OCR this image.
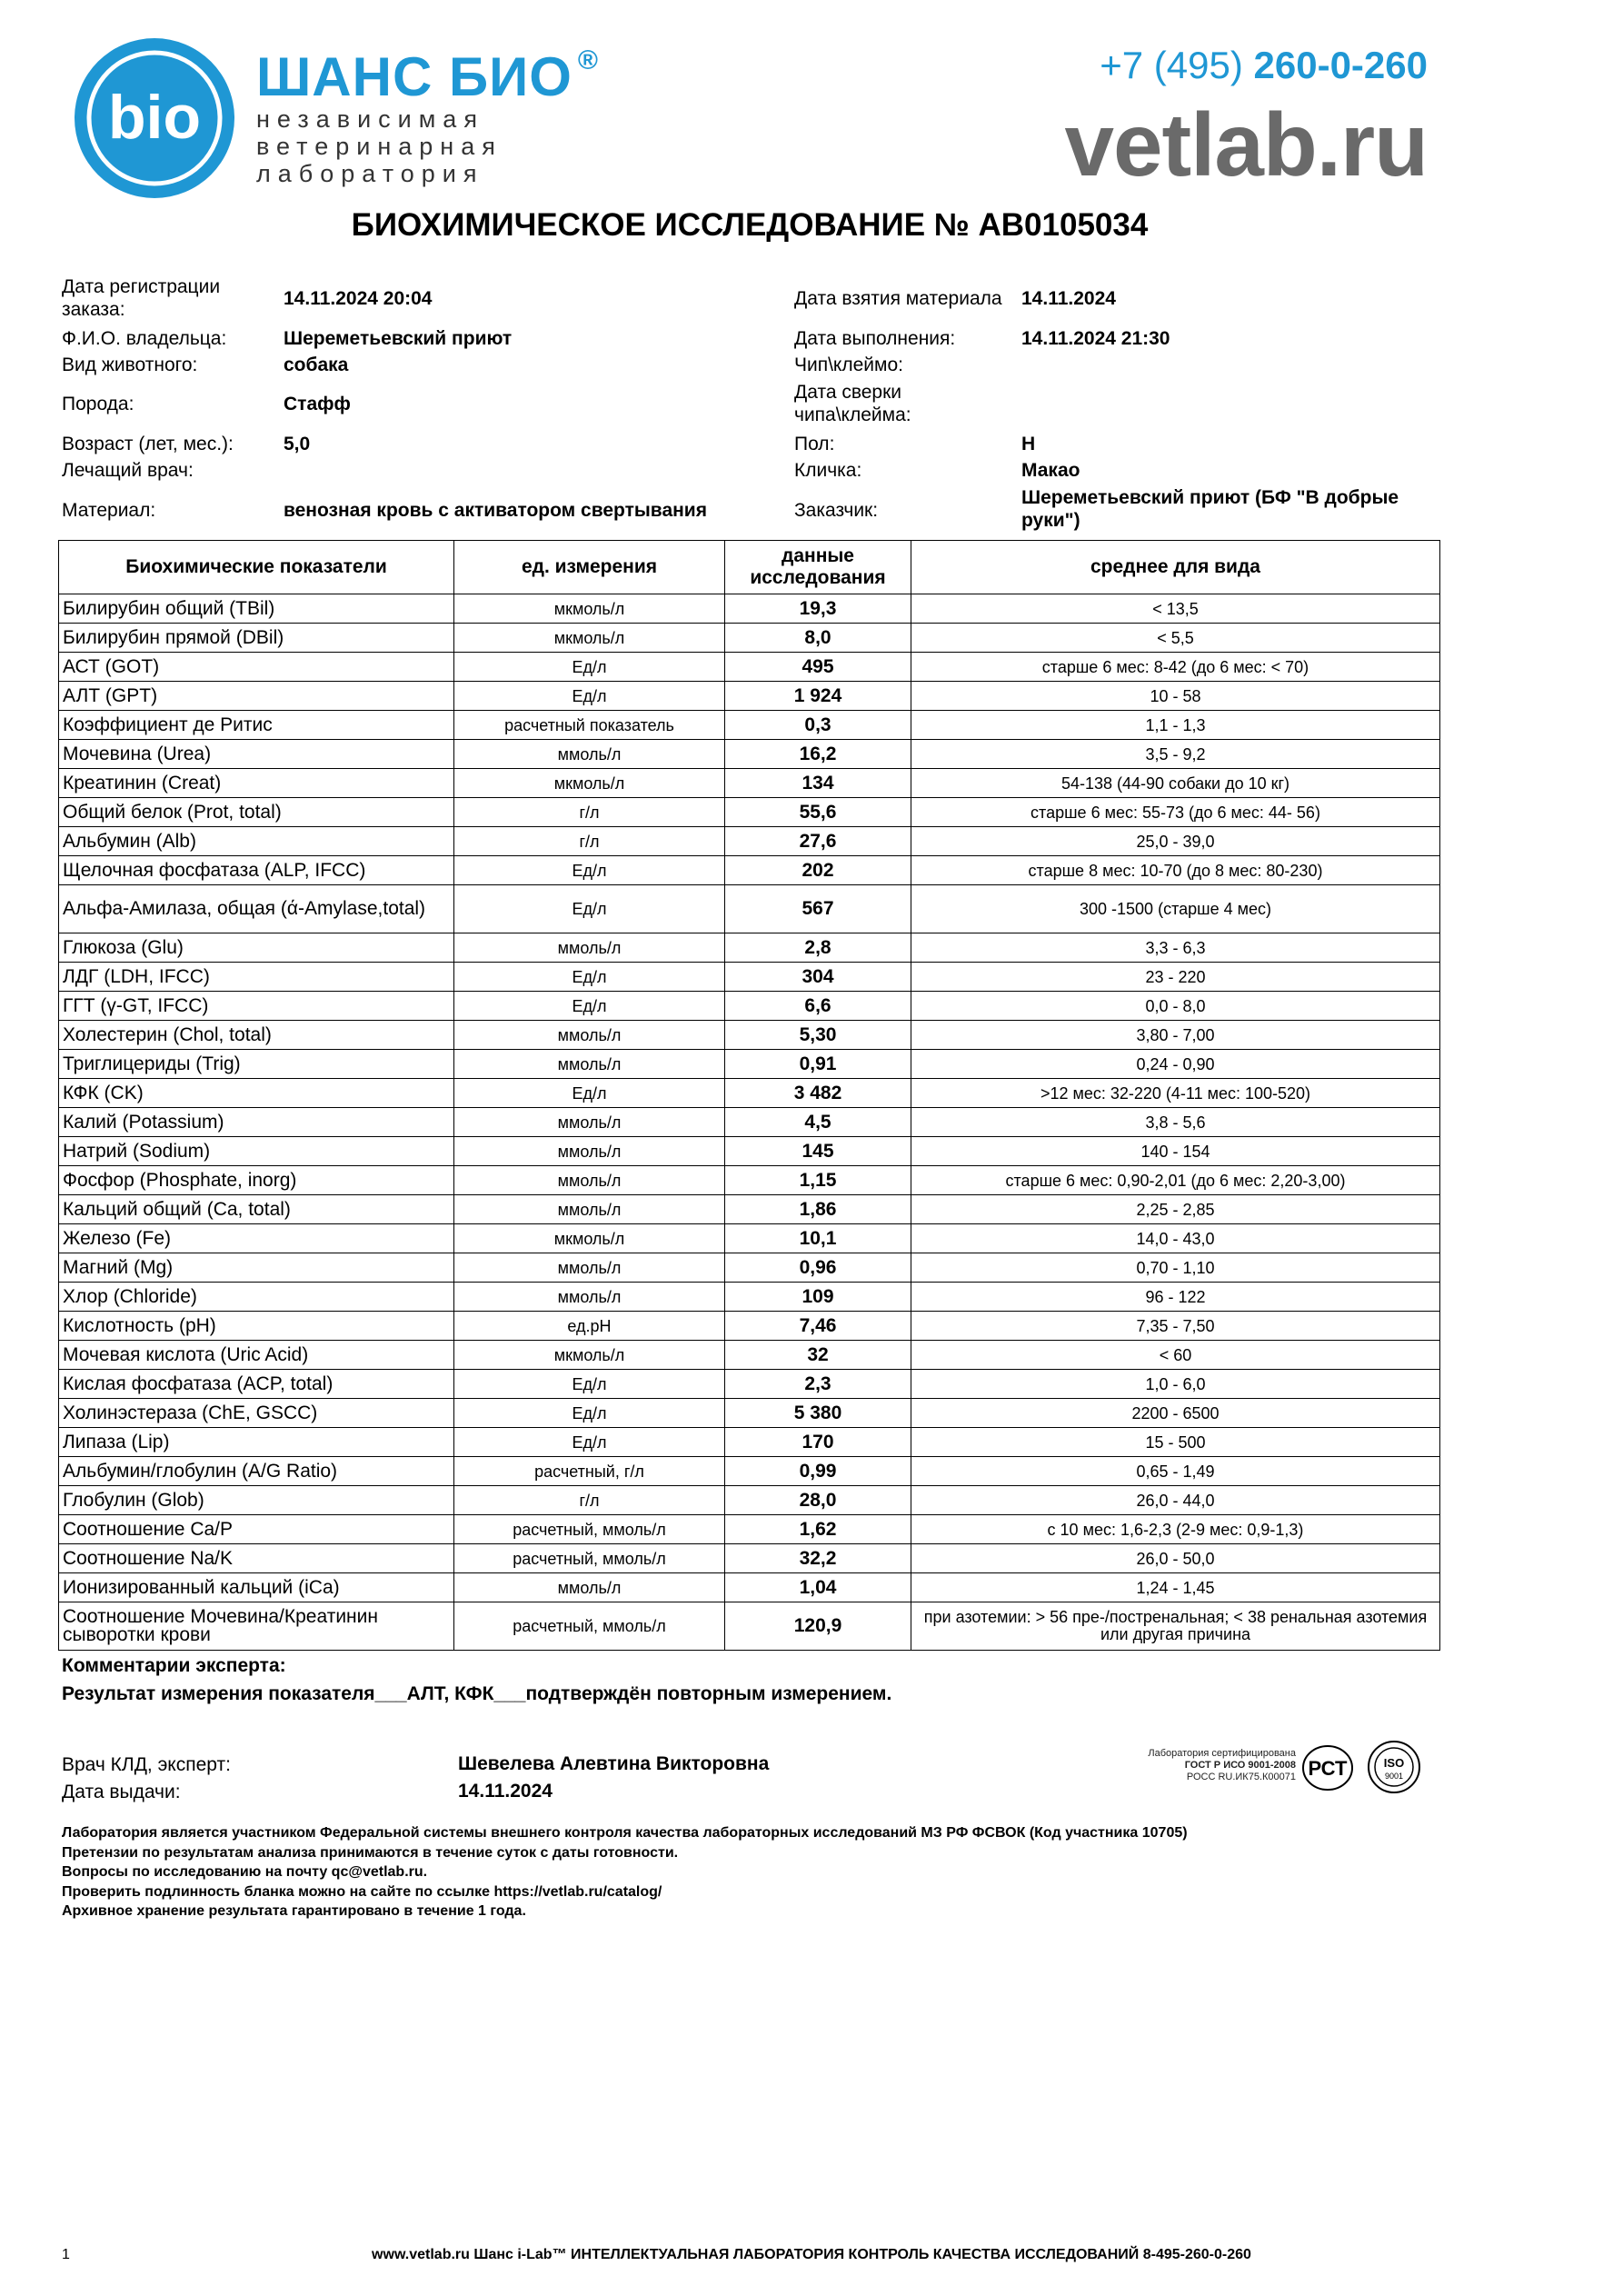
bio
ШАНС БИО ®
независимая
ветеринарная
лаборатория
+7 (495) 260-0-260
vetlab.ru
БИОХИМИЧЕСКОЕ ИССЛЕДОВАНИЕ № AB0105034
Дата регистрации
заказа:
14.11.2024 20:04
Ф.И.О. владельца:	Шереметьевский приют
Вид животного:	собака
Порода:	Стафф
Возраст (лет, мес.):	5,0
Лечащий врач:
Материал:	венозная кровь с активатором свертывания
Дата взятия материала 14.11.2024
Дата выполнения:	14.11.2024 21:30
Чип\клеймо:
Дата сверки
чипа\клейма:
Пол:	Н
Кличка:	Макао
Заказчик:
Шереметьевский приют (БФ "В добрые
руки")
Биохимические показатели	ед. измерения	данные исследования	среднее для вида
Билирубин общий (TBil)	мкмоль/л	19,3	< 13,5
Билирубин прямой (DBil)	мкмоль/л	8,0	< 5,5
АСТ (GOT)	Ед/л	495	старше 6 мес: 8-42 (до 6 мес: < 70)
АЛТ (GPT)	Ед/л	1 924	10 - 58
Коэффициент де Ритис	расчетный показатель	0,3	1,1 - 1,3
Мочевина (Urea)	ммоль/л	16,2	3,5 - 9,2
Креатинин (Creat)	мкмоль/л	134	54-138 (44-90 собаки до 10 кг)
Общий белок (Prot, total)	г/л	55,6	старше 6 мес: 55-73 (до 6 мес: 44- 56)
Альбумин (Alb)	г/л	27,6	25,0 - 39,0
Щелочная фосфатаза (ALP, IFCC)	Ед/л	202	старше 8 мес: 10-70 (до 8 мес: 80-230)
Альфа-Амилаза, общая (ά-Amylase,total)	Ед/л	567	300 -1500 (старше 4 мес)
Глюкоза (Glu)	ммоль/л	2,8	3,3 - 6,3
ЛДГ (LDH, IFCC)	Ед/л	304	23 - 220
ГГТ (γ-GT, IFCC)	Ед/л	6,6	0,0 - 8,0
Холестерин (Chol, total)	ммоль/л	5,30	3,80 - 7,00
Триглицериды (Trig)	ммоль/л	0,91	0,24 - 0,90
КФК (CK)	Ед/л	3 482	>12 мес: 32-220 (4-11 мес: 100-520)
Калий (Potassium)	ммоль/л	4,5	3,8 - 5,6
Натрий (Sodium)	ммоль/л	145	140 - 154
Фосфор (Phosphate, inorg)	ммоль/л	1,15	старше 6 мес: 0,90-2,01 (до 6 мес: 2,20-3,00)
Кальций общий (Ca, total)	ммоль/л	1,86	2,25 - 2,85
Железо (Fe)	мкмоль/л	10,1	14,0 - 43,0
Магний (Mg)	ммоль/л	0,96	0,70 - 1,10
Хлор (Chloride)	ммоль/л	109	96 - 122
Кислотность (pH)	ед.pH	7,46	7,35 - 7,50
Мочевая кислота (Uric Acid)	мкмоль/л	32	< 60
Кислая фосфатаза (ACP, total)	Ед/л	2,3	1,0 - 6,0
Холинэстераза (ChE, GSCC)	Ед/л	5 380	2200 - 6500
Липаза (Lip)	Ед/л	170	15 - 500
Альбумин/глобулин (A/G Ratio)	расчетный, г/л	0,99	0,65 - 1,49
Глобулин (Glob)	г/л	28,0	26,0 - 44,0
Соотношение Ca/P	расчетный, ммоль/л	1,62	с 10 мес: 1,6-2,3 (2-9 мес: 0,9-1,3)
Соотношение Na/K	расчетный, ммоль/л	32,2	26,0 - 50,0
Ионизированный кальций (iCa)	ммоль/л	1,04	1,24 - 1,45
Соотношение Мочевина/Креатинин сыворотки крови	расчетный, ммоль/л	120,9	при азотемии: > 56 пре-/постренальная; < 38 ренальная азотемия или другая причина
Комментарии эксперта:
Результат измерения показателя___АЛТ, КФК___подтверждён повторным измерением.
Врач КЛД, эксперт:	Шевелева Алевтина Викторовна
Дата выдачи:	14.11.2024
Лаборатория сертифицирована
ГОСТ Р ИСО 9001-2008
РОСС RU.ИК75.К00071 РСТ	ISO
9001
Лаборатория является участником Федеральной системы внешнего контроля качества лабораторных исследований МЗ РФ ФСВОК (Код участника 10705)
Претензии по результатам анализа принимаются в течение суток с даты готовности.
Вопросы по исследованию на почту qc@vetlab.ru.
Проверить подлинность бланка можно на сайте по ссылке https://vetlab.ru/catalog/
Архивное хранение результата гарантировано в течение 1 года.
1	www.vetlab.ru Шанс i-Lab™ ИНТЕЛЛЕКТУАЛЬНАЯ ЛАБОРАТОРИЯ КОНТРОЛЬ КАЧЕСТВА ИССЛЕДОВАНИЙ 8-495-260-0-260
